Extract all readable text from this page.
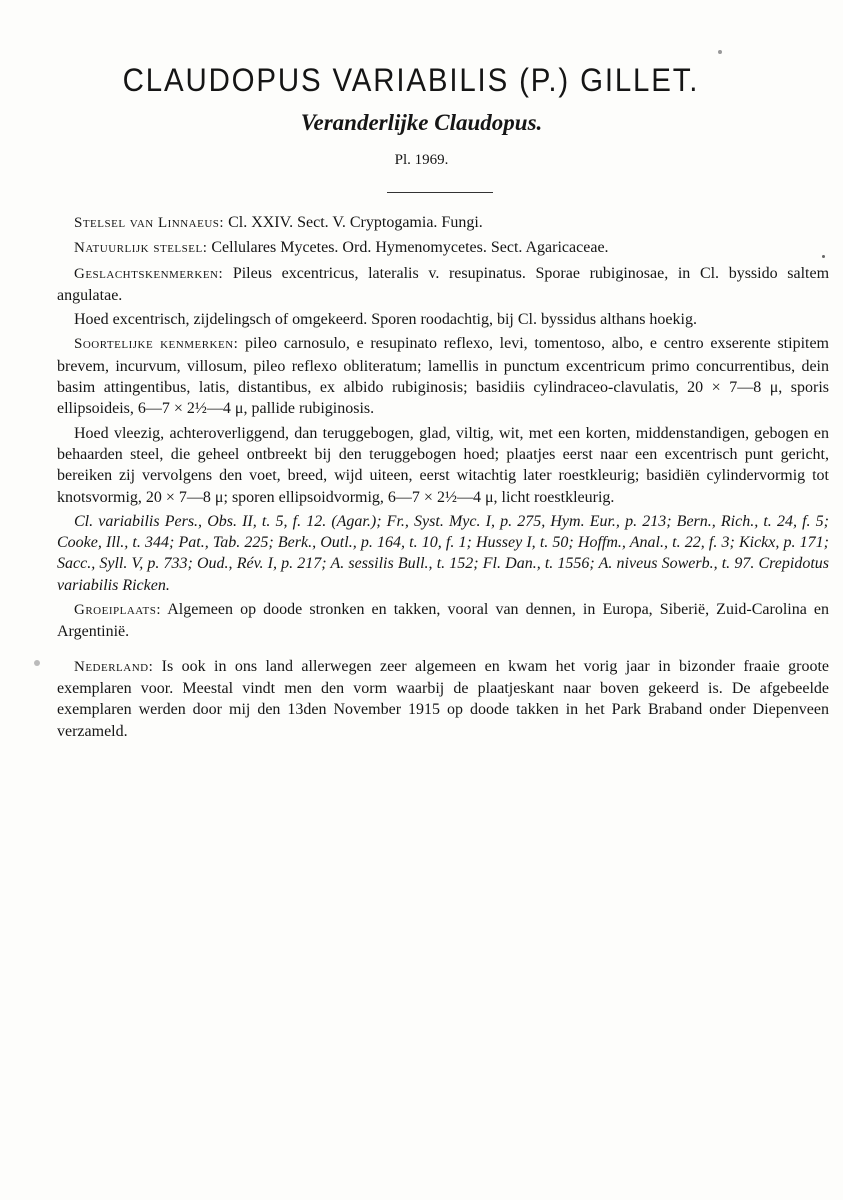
CLAUDOPUS VARIABILIS (P.) GILLET.
Veranderlijke Claudopus.
Pl. 1969.

Stelsel van Linnaeus: Cl. XXIV. Sect. V. Cryptogamia. Fungi.

Natuurlijk stelsel: Cellulares Mycetes. Ord. Hymenomycetes. Sect. Agaricaceae.

Geslachtskenmerken: Pileus excentricus, lateralis v. resupinatus. Sporae rubiginosae, in Cl. byssido saltem angulatae.

Hoed excentrisch, zijdelingsch of omgekeerd. Sporen roodachtig, bij Cl. byssidus althans hoekig.

Soortelijke kenmerken: pileo carnosulo, e resupinato reflexo, levi, tomentoso, albo, e centro exserente stipitem brevem, incurvum, villosum, pileo reflexo obliteratum; lamellis in punctum excentricum primo concurrentibus, dein basim attingentibus, latis, distantibus, ex albido rubiginosis; basidiis cylindraceo-clavulatis, 20 × 7—8 μ, sporis ellipsoideis, 6—7 × 2½—4 μ, pallide rubiginosis.

Hoed vleezig, achteroverliggend, dan teruggebogen, glad, viltig, wit, met een korten, middenstandigen, gebogen en behaarden steel, die geheel ontbreekt bij den teruggebogen hoed; plaatjes eerst naar een excentrisch punt gericht, bereiken zij vervolgens den voet, breed, wijd uiteen, eerst witachtig later roestkleurig; basidiën cylindervormig tot knotsvormig, 20 × 7—8 μ; sporen ellipsoidvormig, 6—7 × 2½—4 μ, licht roestkleurig.

Cl. variabilis Pers., Obs. II, t. 5, f. 12. (Agar.); Fr., Syst. Myc. I, p. 275, Hym. Eur., p. 213; Bern., Rich., t. 24, f. 5; Cooke, Ill., t. 344; Pat., Tab. 225; Berk., Outl., p. 164, t. 10, f. 1; Hussey I, t. 50; Hoffm., Anal., t. 22, f. 3; Kickx, p. 171; Sacc., Syll. V, p. 733; Oud., Rév. I, p. 217; A. sessilis Bull., t. 152; Fl. Dan., t. 1556; A. niveus Sowerb., t. 97. Crepidotus variabilis Ricken.

Groeiplaats: Algemeen op doode stronken en takken, vooral van dennen, in Europa, Siberië, Zuid-Carolina en Argentinië.

Nederland: Is ook in ons land allerwegen zeer algemeen en kwam het vorig jaar in bizonder fraaie groote exemplaren voor. Meestal vindt men den vorm waarbij de plaatjeskant naar boven gekeerd is. De afgebeelde exemplaren werden door mij den 13den November 1915 op doode takken in het Park Braband onder Diepenveen verzameld.
